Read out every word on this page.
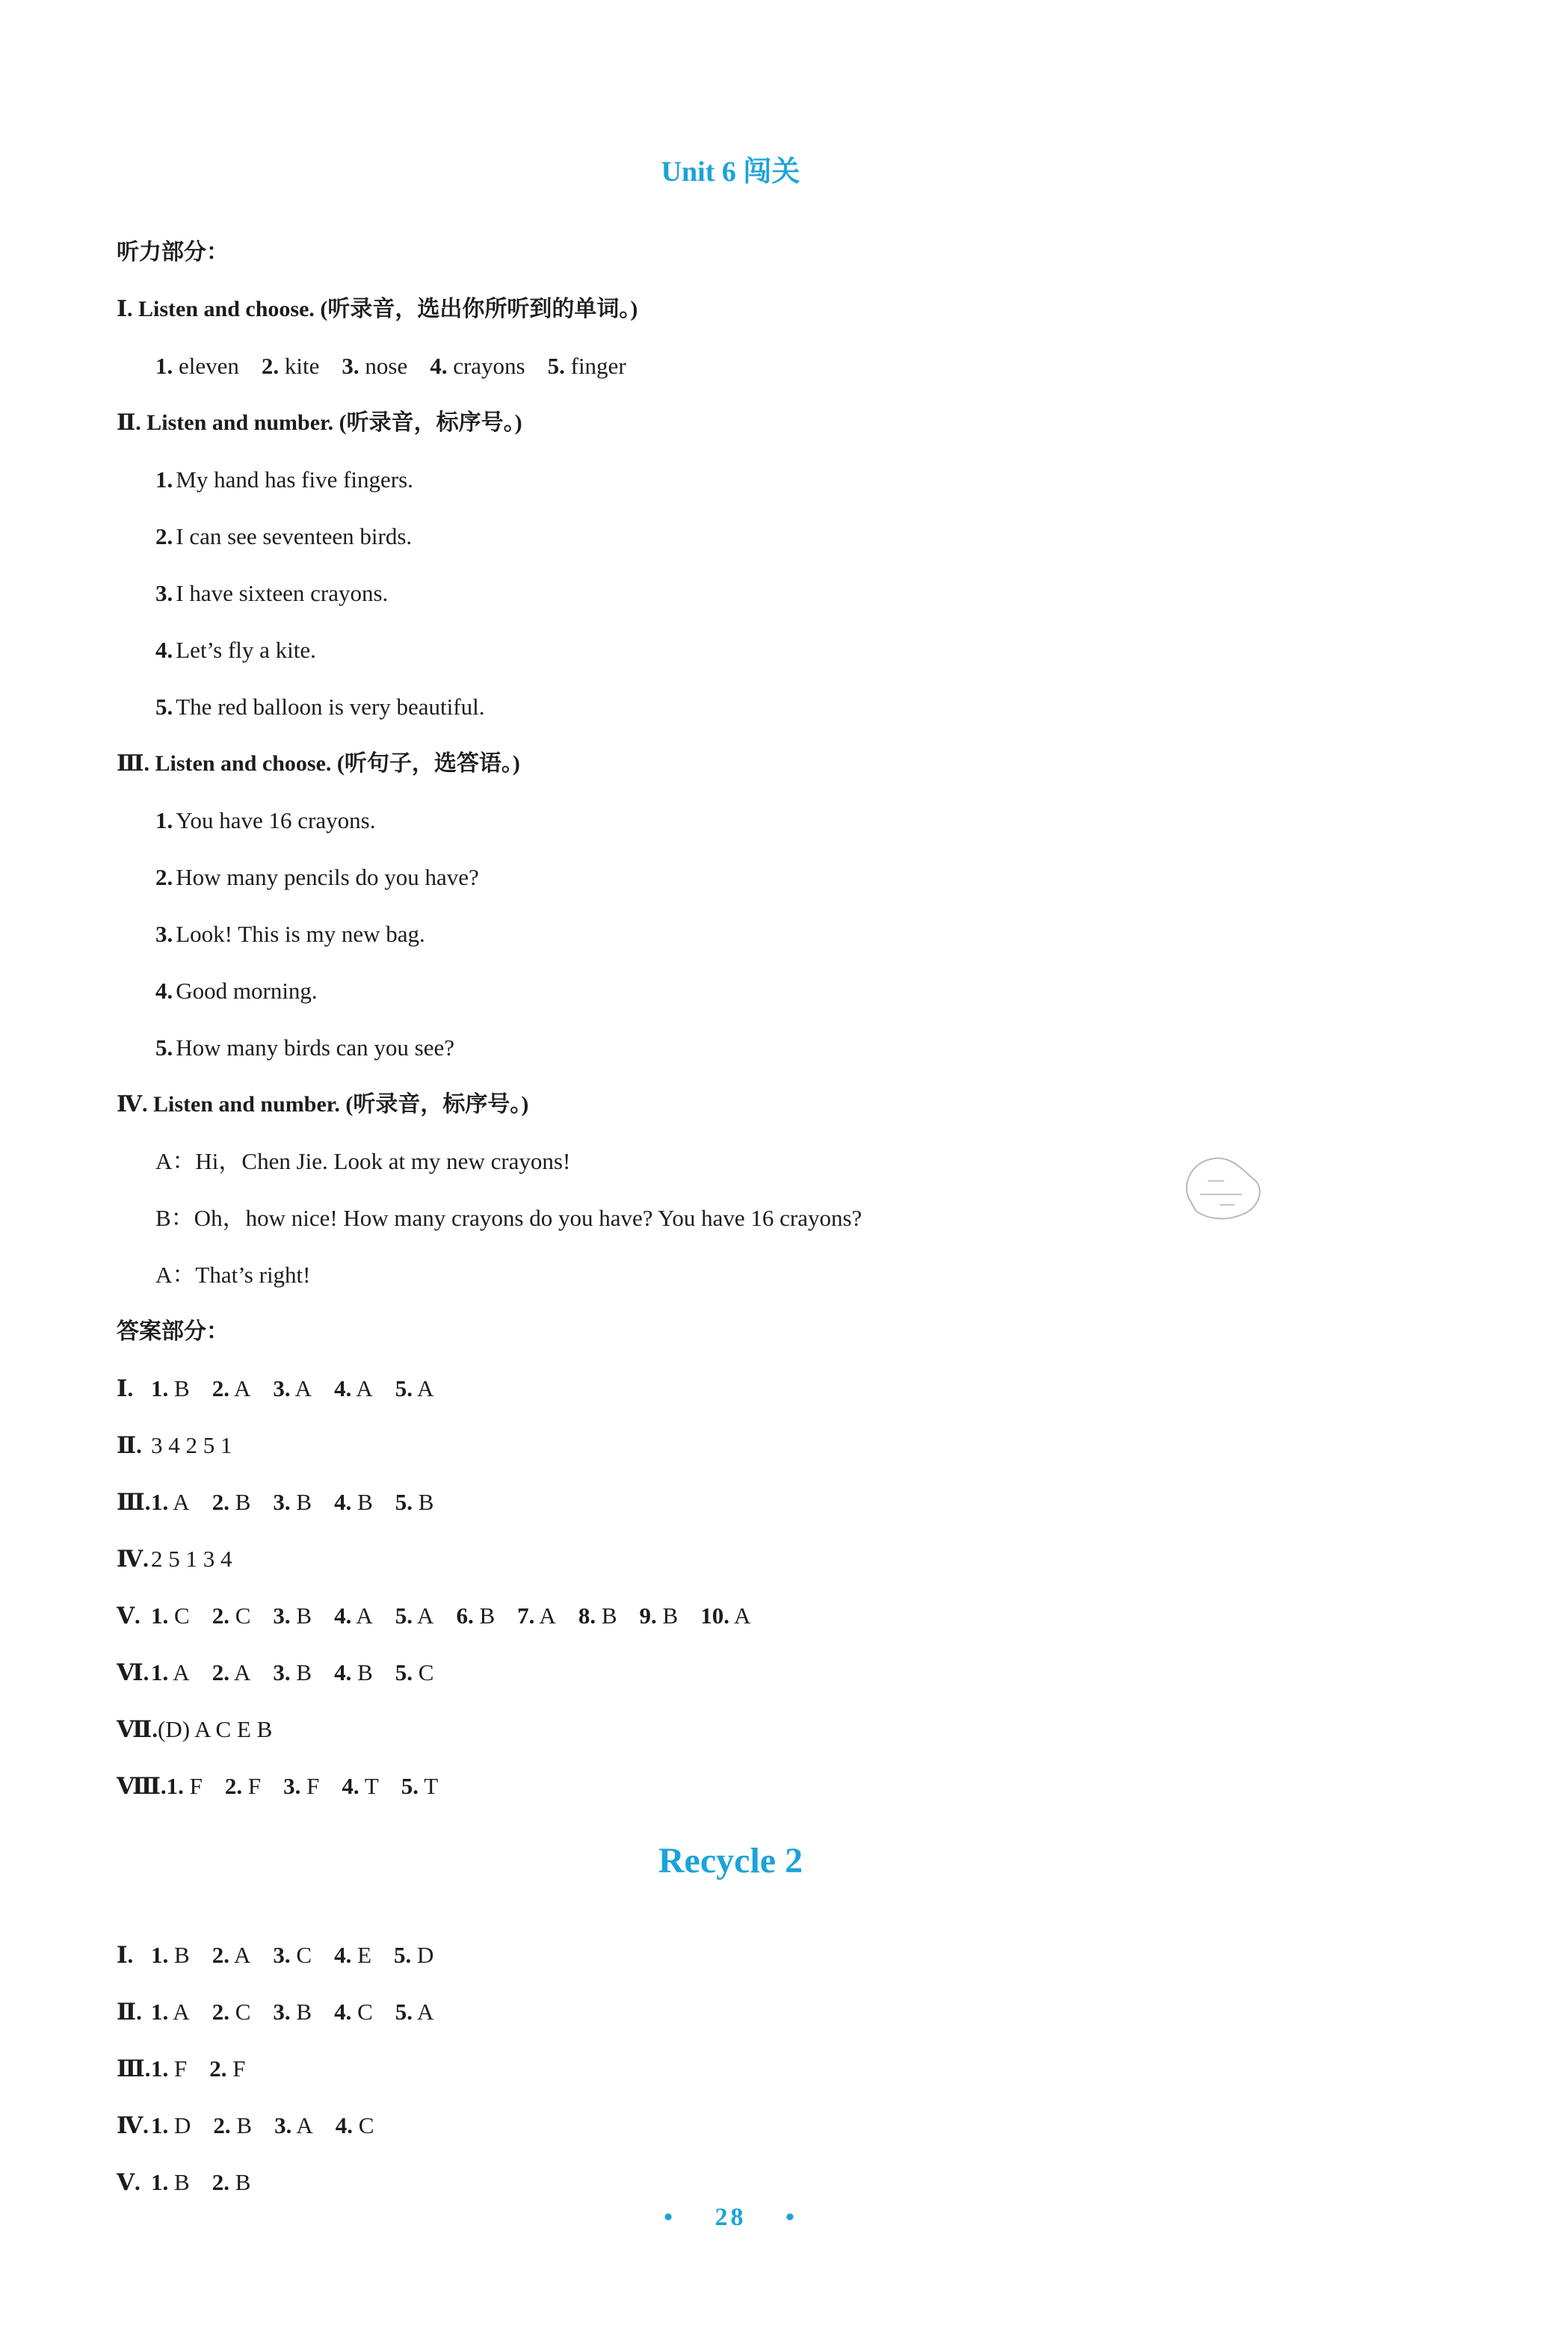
Unit 6 闯关
听力部分：
Ⅰ. Listen and choose. (听录音，选出你所听到的单词。)
1. eleven 2. kite 3. nose 4. crayons 5. finger
Ⅱ. Listen and number. (听录音，标序号。)
1. My hand has five fingers.
2. I can see seventeen birds.
3. I have sixteen crayons.
4. Let’s fly a kite.
5. The red balloon is very beautiful.
Ⅲ. Listen and choose. (听句子，选答语。)
1. You have 16 crayons.
2. How many pencils do you have?
3. Look! This is my new bag.
4. Good morning.
5. How many birds can you see?
Ⅳ. Listen and number. (听录音，标序号。)
A：Hi，Chen Jie. Look at my new crayons!
B：Oh，how nice! How many crayons do you have? You have 16 crayons?
A：That’s right!
答案部分：
Ⅰ. 1. B 2. A 3. A 4. A 5. A
Ⅱ. 3 4 2 5 1
Ⅲ.1. A 2. B 3. B 4. B 5. B
Ⅳ.2 5 1 3 4
Ⅴ. 1. C 2. C 3. B 4. A 5. A 6. B 7. A 8. B 9. B 10. A
Ⅵ.1. A 2. A 3. B 4. B 5. C
Ⅶ.(D) A C E B
Ⅷ.1. F 2. F 3. F 4. T 5. T
Ⅰ. 1. B 2. A 3. C 4. E 5. D
Ⅱ. 1. A 2. C 3. B 4. C 5. A
Ⅲ.1. F 2. F
Ⅳ.1. D 2. B 3. A 4. C
Ⅴ. 1. B 2. B
Recycle 2
• 28 •
